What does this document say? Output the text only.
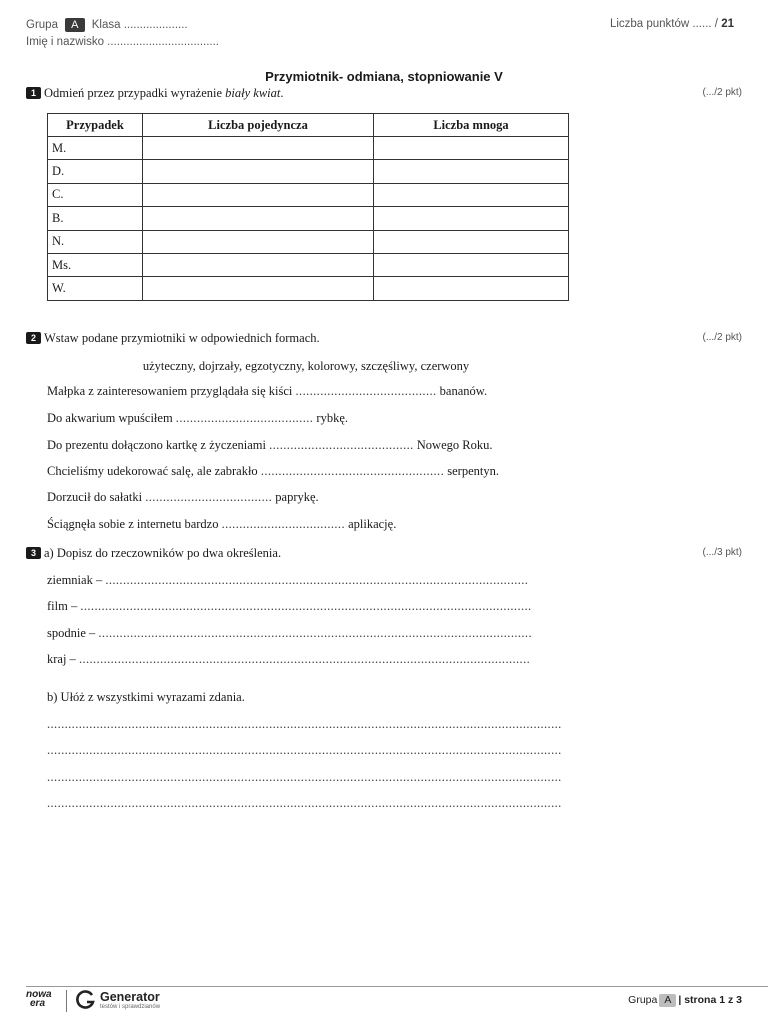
Grupa A Klasa ....................
Imię i nazwisko ...................................
Liczba punktów ...... / 21
Przymiotnik- odmiana, stopniowanie V
1 Odmień przez przypadki wyrażenie biały kwiat.	(.../2 pkt)
Przypadek	Liczba pojedyncza	Liczba mnoga
M.		
D.		
C.		
B.		
N.		
Ms.		
W.		
2 Wstaw podane przymiotniki w odpowiednich formach.	(.../2 pkt)
użyteczny, dojrzały, egzotyczny, kolorowy, szczęśliwy, czerwony
Małpka z zainteresowaniem przyglądała się kiści ........................................ bananów.
Do akwarium wpuściłem ....................................... rybkę.
Do prezentu dołączono kartkę z życzeniami ......................................... Nowego Roku.
Chcieliśmy udekorować salę, ale zabrakło .................................................... serpentyn.
Dorzucił do sałatki .................................... paprykę.
Ściągnęła sobie z internetu bardzo ................................... aplikację.
3 a) Dopisz do rzeczowników po dwa określenia.	(.../3 pkt)
ziemniak – ........................................................................................................................
film – ................................................................................................................................
spodnie – ...........................................................................................................................
kraj – ................................................................................................................................
b) Ułóż z wszystkimi wyrazami zdania.
..................................................................................................................................................
..................................................................................................................................................
..................................................................................................................................................
..................................................................................................................................................
nowa
era	Generator
testów i sprawdzianów
Grupa A | strona 1 z 3
